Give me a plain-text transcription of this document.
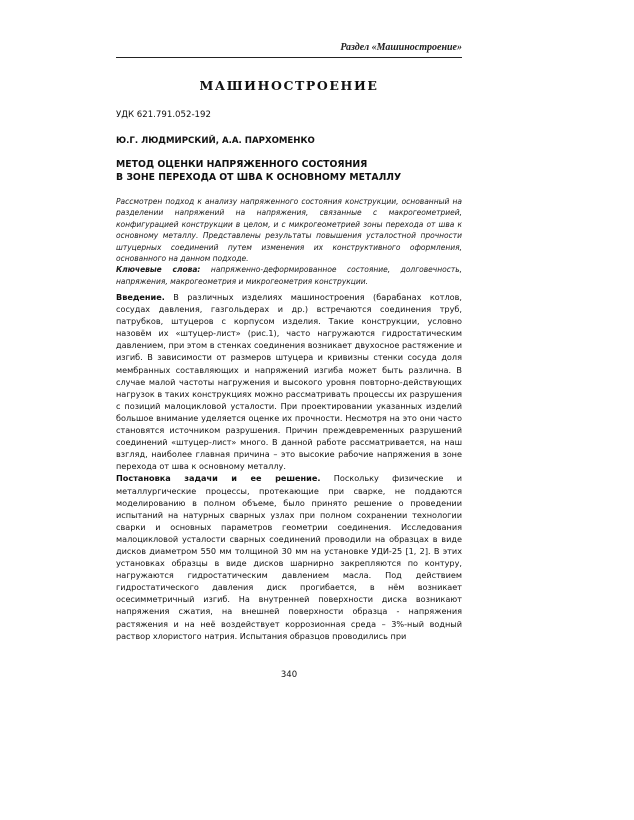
Раздел «Машиностроение»
МАШИНОСТРОЕНИЕ
УДК 621.791.052-192
Ю.Г. ЛЮДМИРСКИЙ, А.А. ПАРХОМЕНКО
МЕТОД ОЦЕНКИ НАПРЯЖЕННОГО СОСТОЯНИЯ
В ЗОНЕ ПЕРЕХОДА ОТ ШВА К ОСНОВНОМУ МЕТАЛЛУ

Рассмотрен подход к анализу напряженного состояния конструкции, основанный на разделении напряжений на напряжения, связанные с макрогеометрией, конфигурацией конструкции в целом, и с микрогеометрией зоны перехода от шва к основному металлу. Представлены результаты повышения усталостной прочности штуцерных соединений путем изменения их конструктивного оформления, основанного на данном подходе.

Ключевые слова: напряженно-деформированное состояние, долговечность, напряжения, макрогеометрия и микрогеометрия конструкции.

Введение. В различных изделиях машиностроения (барабанах котлов, сосудах давления, газгольдерах и др.) встречаются соединения труб, патрубков, штуцеров с корпусом изделия. Такие конструкции, условно назовём их «штуцер-лист» (рис.1), часто нагружаются гидростатическим давлением, при этом в стенках соединения возникает двухосное растяжение и изгиб. В зависимости от размеров штуцера и кривизны стенки сосуда доля мембранных составляющих и напряжений изгиба может быть различна. В случае малой частоты нагружения и высокого уровня повторно-действующих нагрузок в таких конструкциях можно рассматривать процессы их разрушения с позиций малоцикловой усталости. При проектировании указанных изделий большое внимание уделяется оценке их прочности. Несмотря на это они часто становятся источником разрушения. Причин преждевременных разрушений соединений «штуцер-лист» много. В данной работе рассматривается, на наш взгляд, наиболее главная причина – это высокие рабочие напряжения в зоне перехода от шва к основному металлу.

Постановка задачи и ее решение. Поскольку физические и металлургические процессы, протекающие при сварке, не поддаются моделированию в полном объеме, было принято решение о проведении испытаний на натурных сварных узлах при полном сохранении технологии сварки и основных параметров геометрии соединения. Исследования малоцикловой усталости сварных соединений проводили на образцах в виде дисков диаметром 550 мм толщиной 30 мм на установке УДИ-25 [1, 2]. В этих установках образцы в виде дисков шарнирно закрепляются по контуру, нагружаются гидростатическим давлением масла. Под действием гидростатического давления диск прогибается, в нём возникает осесимметричный изгиб. На внутренней поверхности диска возникают напряжения сжатия, на внешней поверхности образца - напряжения растяжения и на неё воздействует коррозионная среда – 3%-ный водный раствор хлористого натрия. Испытания образцов проводились при

340
